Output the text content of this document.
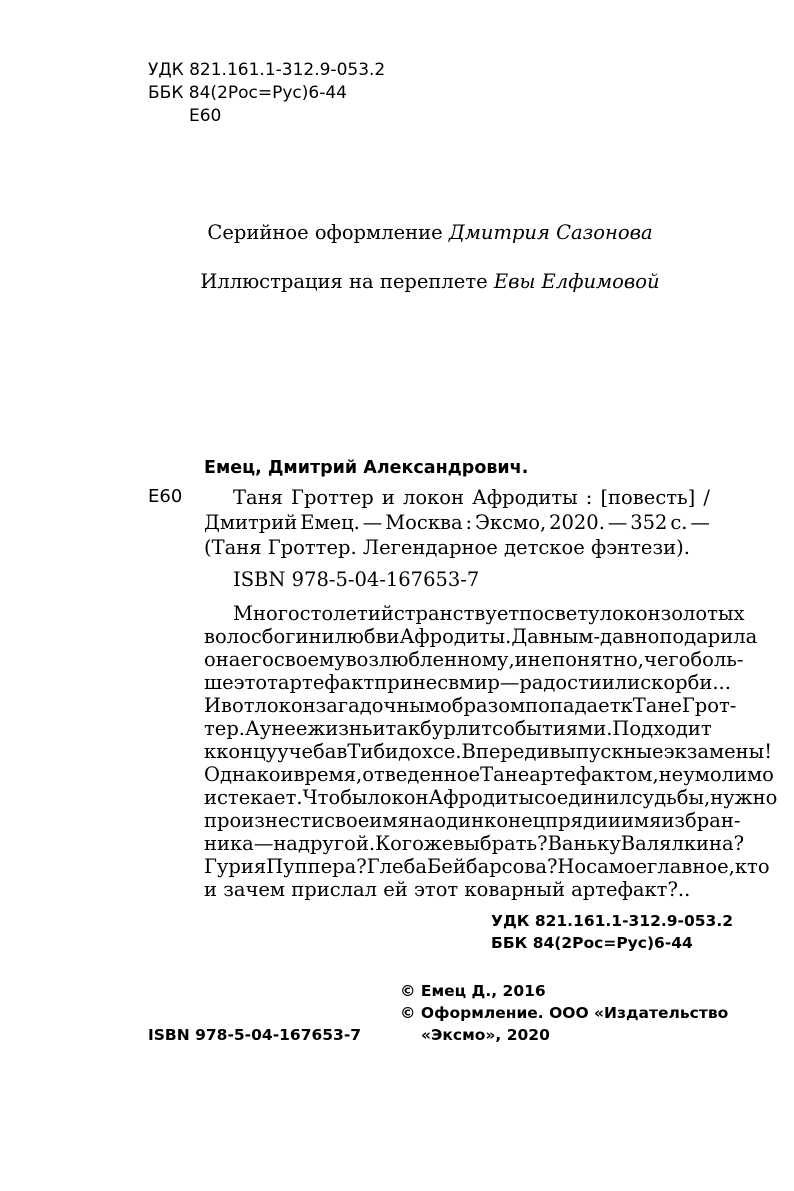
УДК 821.161.1-312.9-053.2
ББК 84(2Рос=Рус)6-44
Е60
Серийное оформление Дмитрия Сазонова
Иллюстрация на переплете Евы Елфимовой
Емец, Дмитрий Александрович.
Е60	Таня Гроттер и локон Афродиты : [повесть] /
Дмитрий Емец. — Москва : Эксмо, 2020. — 352 с. —
(Таня Гроттер. Легендарное детское фэнтези).
ISBN 978-5-04-167653-7
Много столетий странствует по свету локон золотых
волос богини любви Афродиты. Давным-давно подарила
она его своему возлюбленному, и непонятно, чего боль-
ше этот артефакт принес в мир — радости или скорби...
И вот локон загадочным образом попадает к Тане Грот-
тер. А у нее жизнь и так бурлит событиями. Подходит
к концу учеба в Тибидохсе. Впереди выпускные экзамены!
Однако и время, отведенное Тане артефактом, неумолимо
истекает. Чтобы локон Афродиты соединил судьбы, нужно
произнести свое имя на один конец пряди и имя избран-
ника — на другой. Кого же выбрать? Ваньку Валялкина?
Гурия Пуппера? Глеба Бейбарсова? Но самое главное, кто
и зачем прислал ей этот коварный артефакт?..
УДК 821.161.1-312.9-053.2
ББК 84(2Рос=Рус)6-44
© Емец Д., 2016
© Оформление. ООО «Издательство
«Эксмо», 2020
ISBN 978-5-04-167653-7
